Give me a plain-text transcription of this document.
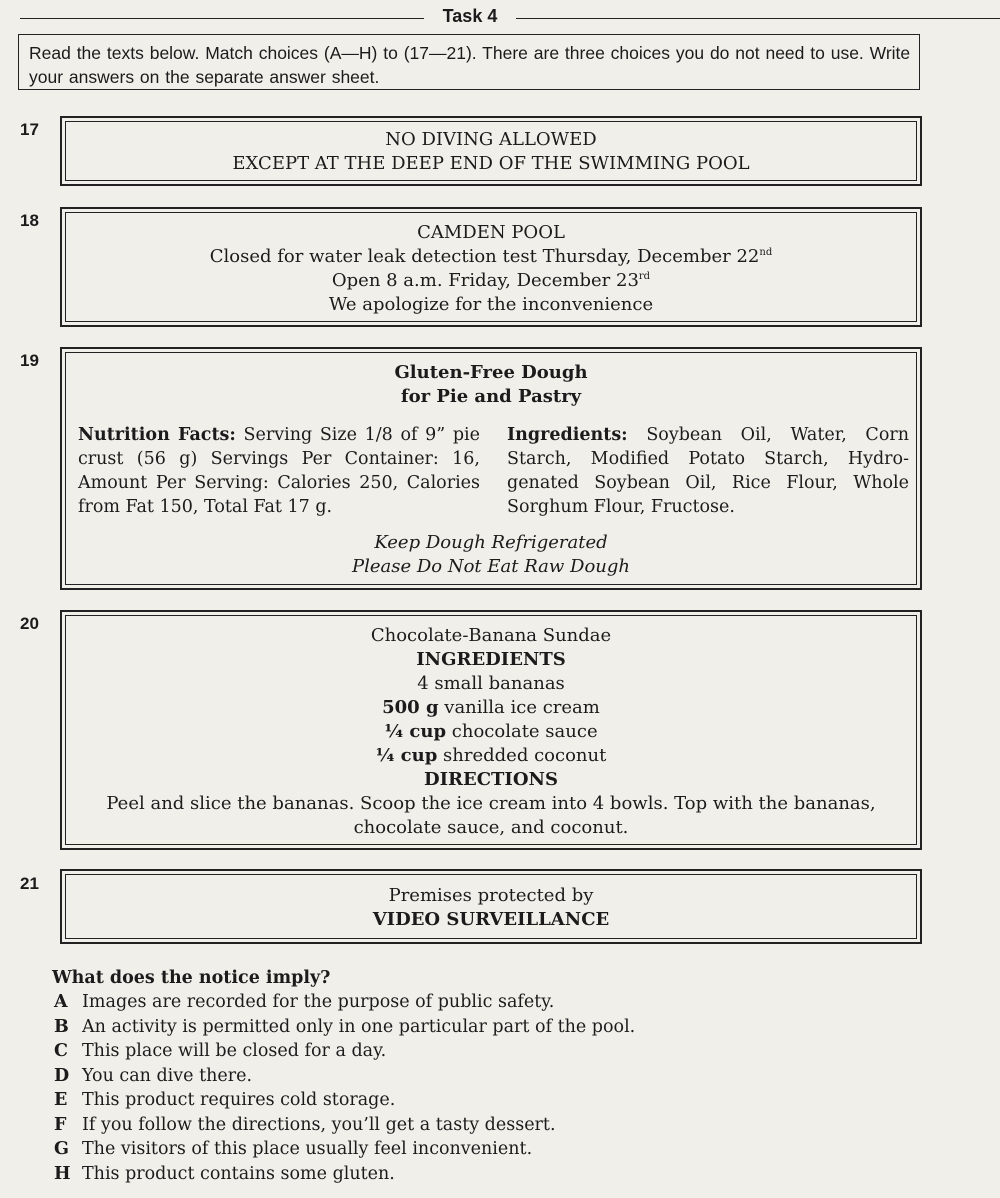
Task 4
Read the texts below. Match choices (A—H) to (17—21). There are three choices you do not need to use. Write your answers on the separate answer sheet.
17	NO DIVING ALLOWED
EXCEPT AT THE DEEP END OF THE SWIMMING POOL
18
CAMDEN POOL
Closed for water leak detection test Thursday, December 22nd
Open 8 a.m. Friday, December 23rd
We apologize for the inconvenience
19
Gluten-Free Dough
for Pie and Pastry
Nutrition Facts: Serving Size 1/8 of 9” pie crust (56 g) Servings Per Container: 16, Amount Per Serving: Calories 250, Calories from Fat 150, Total Fat 17 g.
Ingredients: Soybean Oil, Water, Corn Starch, Modified Potato Starch, Hydro-genated Soybean Oil, Rice Flour, Whole Sorghum Flour, Fructose.
Keep Dough Refrigerated
Please Do Not Eat Raw Dough
20
Chocolate-Banana Sundae
INGREDIENTS
4 small bananas
500 g vanilla ice cream
¼ cup chocolate sauce
¼ cup shredded coconut
DIRECTIONS
Peel and slice the bananas. Scoop the ice cream into 4 bowls. Top with the bananas,
chocolate sauce, and coconut.
21
Premises protected by
VIDEO SURVEILLANCE
What does the notice imply?
A Images are recorded for the purpose of public safety.
B An activity is permitted only in one particular part of the pool.
C This place will be closed for a day.
D You can dive there.
E This product requires cold storage.
F If you follow the directions, you’ll get a tasty dessert.
G The visitors of this place usually feel inconvenient.
H This product contains some gluten.
